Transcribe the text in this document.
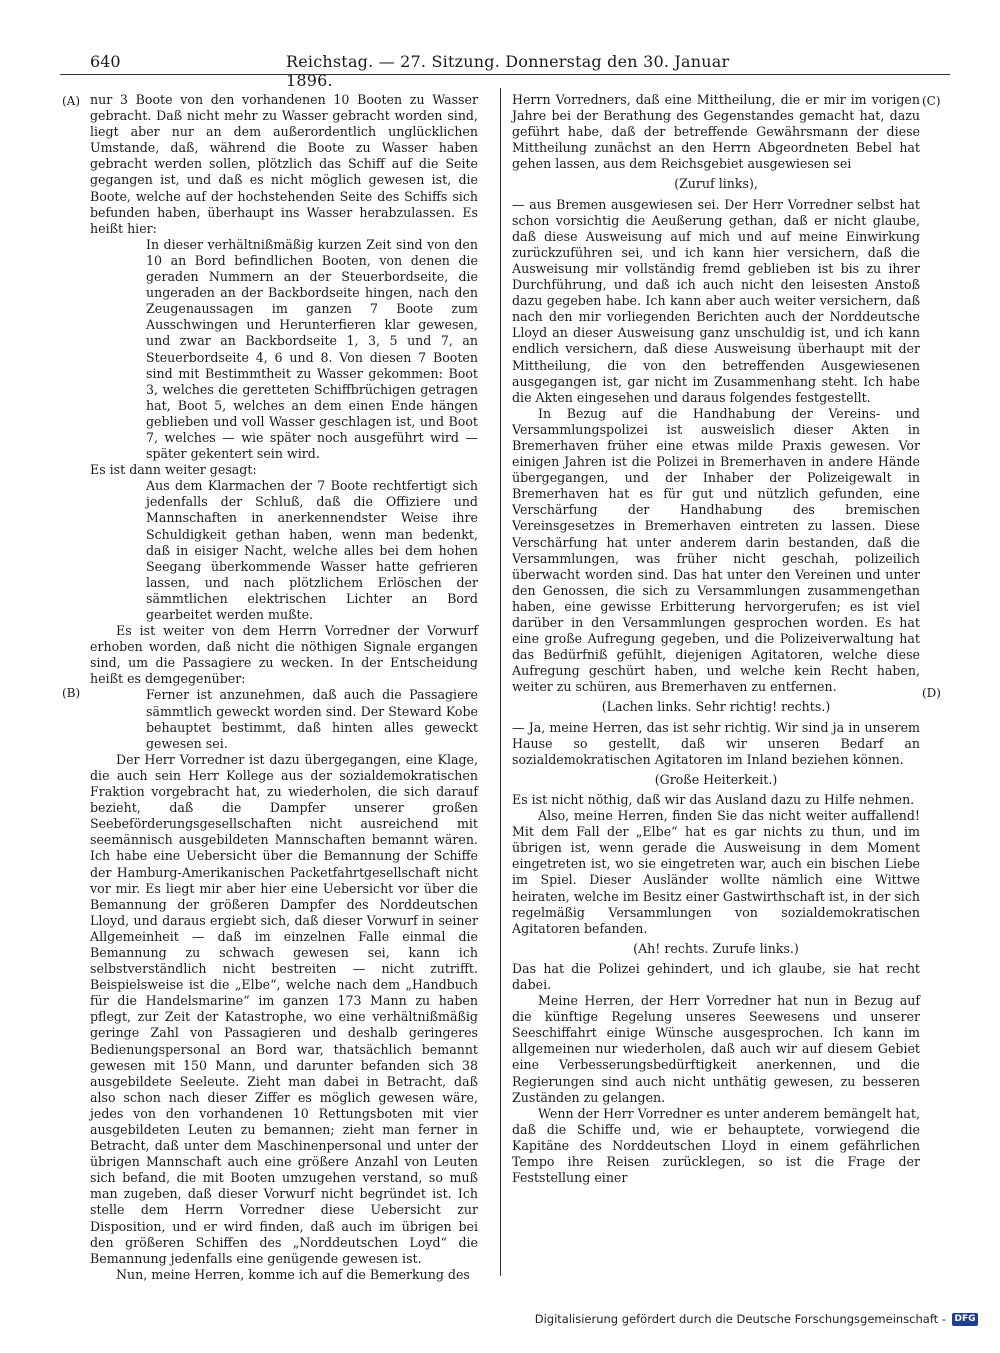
640	Reichstag. — 27. Sitzung. Donnerstag den 30. Januar 1896.
(A)
(B)
(C)
(D)

nur 3 Boote von den vorhandenen 10 Booten zu Wasser gebracht. Daß nicht mehr zu Wasser gebracht worden sind, liegt aber nur an dem außerordentlich unglücklichen Umstande, daß, während die Boote zu Wasser haben gebracht werden sollen, plötzlich das Schiff auf die Seite gegangen ist, und daß es nicht möglich gewesen ist, die Boote, welche auf der hochstehenden Seite des Schiffs sich befunden haben, überhaupt ins Wasser herabzulassen. Es heißt hier:

In dieser verhältnißmäßig kurzen Zeit sind von den 10 an Bord befindlichen Booten, von denen die geraden Nummern an der Steuerbordseite, die ungeraden an der Backbordseite hingen, nach den Zeugenaussagen im ganzen 7 Boote zum Ausschwingen und Herunterfieren klar gewesen, und zwar an Backbordseite 1, 3, 5 und 7, an Steuerbordseite 4, 6 und 8. Von diesen 7 Booten sind mit Bestimmtheit zu Wasser gekommen: Boot 3, welches die geretteten Schiffbrüchigen getragen hat, Boot 5, welches an dem einen Ende hängen geblieben und voll Wasser geschlagen ist, und Boot 7, welches — wie später noch ausgeführt wird — später gekentert sein wird.

Es ist dann weiter gesagt:

Aus dem Klarmachen der 7 Boote rechtfertigt sich jedenfalls der Schluß, daß die Offiziere und Mannschaften in anerkennendster Weise ihre Schuldigkeit gethan haben, wenn man bedenkt, daß in eisiger Nacht, welche alles bei dem hohen Seegang überkommende Wasser hatte gefrieren lassen, und nach plötzlichem Erlöschen der sämmtlichen elektrischen Lichter an Bord gearbeitet werden mußte.

Es ist weiter von dem Herrn Vorredner der Vorwurf erhoben worden, daß nicht die nöthigen Signale ergangen sind, um die Passagiere zu wecken. In der Entscheidung heißt es demgegenüber:

Ferner ist anzunehmen, daß auch die Passagiere sämmtlich geweckt worden sind. Der Steward Kobe behauptet bestimmt, daß hinten alles geweckt gewesen sei.

Der Herr Vorredner ist dazu übergegangen, eine Klage, die auch sein Herr Kollege aus der sozialdemokratischen Fraktion vorgebracht hat, zu wiederholen, die sich darauf bezieht, daß die Dampfer unserer großen Seebeförderungsgesellschaften nicht ausreichend mit seemännisch ausgebildeten Mannschaften bemannt wären. Ich habe eine Uebersicht über die Bemannung der Schiffe der Hamburg-Amerikanischen Packetfahrtgesellschaft nicht vor mir. Es liegt mir aber hier eine Uebersicht vor über die Bemannung der größeren Dampfer des Norddeutschen Lloyd, und daraus ergiebt sich, daß dieser Vorwurf in seiner Allgemeinheit — daß im einzelnen Falle einmal die Bemannung zu schwach gewesen sei, kann ich selbstverständlich nicht bestreiten — nicht zutrifft. Beispielsweise ist die „Elbe“, welche nach dem „Handbuch für die Handelsmarine“ im ganzen 173 Mann zu haben pflegt, zur Zeit der Katastrophe, wo eine verhältnißmäßig geringe Zahl von Passagieren und deshalb geringeres Bedienungspersonal an Bord war, thatsächlich bemannt gewesen mit 150 Mann, und darunter befanden sich 38 ausgebildete Seeleute. Zieht man dabei in Betracht, daß also schon nach dieser Ziffer es möglich gewesen wäre, jedes von den vorhandenen 10 Rettungsboten mit vier ausgebildeten Leuten zu bemannen; zieht man ferner in Betracht, daß unter dem Maschinenpersonal und unter der übrigen Mannschaft auch eine größere Anzahl von Leuten sich befand, die mit Booten umzugehen verstand, so muß man zugeben, daß dieser Vorwurf nicht begründet ist. Ich stelle dem Herrn Vorredner diese Uebersicht zur Disposition, und er wird finden, daß auch im übrigen bei den größeren Schiffen des „Norddeutschen Loyd“ die Bemannung jedenfalls eine genügende gewesen ist.

Nun, meine Herren, komme ich auf die Bemerkung des

Herrn Vorredners, daß eine Mittheilung, die er mir im vorigen Jahre bei der Berathung des Gegenstandes gemacht hat, dazu geführt habe, daß der betreffende Gewährsmann der diese Mittheilung zunächst an den Herrn Abgeordneten Bebel hat gehen lassen, aus dem Reichsgebiet ausgewiesen sei

(Zuruf links),

— aus Bremen ausgewiesen sei. Der Herr Vorredner selbst hat schon vorsichtig die Aeußerung gethan, daß er nicht glaube, daß diese Ausweisung auf mich und auf meine Einwirkung zurückzuführen sei, und ich kann hier versichern, daß die Ausweisung mir vollständig fremd geblieben ist bis zu ihrer Durchführung, und daß ich auch nicht den leisesten Anstoß dazu gegeben habe. Ich kann aber auch weiter versichern, daß nach den mir vorliegenden Berichten auch der Norddeutsche Lloyd an dieser Ausweisung ganz unschuldig ist, und ich kann endlich versichern, daß diese Ausweisung überhaupt mit der Mittheilung, die von den betreffenden Ausgewiesenen ausgegangen ist, gar nicht im Zusammenhang steht. Ich habe die Akten eingesehen und daraus folgendes festgestellt.

In Bezug auf die Handhabung der Vereins- und Versammlungspolizei ist ausweislich dieser Akten in Bremerhaven früher eine etwas milde Praxis gewesen. Vor einigen Jahren ist die Polizei in Bremerhaven in andere Hände übergegangen, und der Inhaber der Polizeigewalt in Bremerhaven hat es für gut und nützlich gefunden, eine Verschärfung der Handhabung des bremischen Vereinsgesetzes in Bremerhaven eintreten zu lassen. Diese Verschärfung hat unter anderem darin bestanden, daß die Versammlungen, was früher nicht geschah, polizeilich überwacht worden sind. Das hat unter den Vereinen und unter den Genossen, die sich zu Versammlungen zusammengethan haben, eine gewisse Erbitterung hervorgerufen; es ist viel darüber in den Versammlungen gesprochen worden. Es hat eine große Aufregung gegeben, und die Polizeiverwaltung hat das Bedürfniß gefühlt, diejenigen Agitatoren, welche diese Aufregung geschürt haben, und welche kein Recht haben, weiter zu schüren, aus Bremerhaven zu entfernen.

(Lachen links. Sehr richtig! rechts.)

— Ja, meine Herren, das ist sehr richtig. Wir sind ja in unserem Hause so gestellt, daß wir unseren Bedarf an sozialdemokratischen Agitatoren im Inland beziehen können.

(Große Heiterkeit.)

Es ist nicht nöthig, daß wir das Ausland dazu zu Hilfe nehmen.

Also, meine Herren, finden Sie das nicht weiter auffallend! Mit dem Fall der „Elbe“ hat es gar nichts zu thun, und im übrigen ist, wenn gerade die Ausweisung in dem Moment eingetreten ist, wo sie eingetreten war, auch ein bischen Liebe im Spiel. Dieser Ausländer wollte nämlich eine Wittwe heiraten, welche im Besitz einer Gastwirthschaft ist, in der sich regelmäßig Versammlungen von sozialdemokratischen Agitatoren befanden.

(Ah! rechts. Zurufe links.)

Das hat die Polizei gehindert, und ich glaube, sie hat recht dabei.

Meine Herren, der Herr Vorredner hat nun in Bezug auf die künftige Regelung unseres Seewesens und unserer Seeschiffahrt einige Wünsche ausgesprochen. Ich kann im allgemeinen nur wiederholen, daß auch wir auf diesem Gebiet eine Verbesserungsbedürftigkeit anerkennen, und die Regierungen sind auch nicht unthätig gewesen, zu besseren Zuständen zu gelangen.

Wenn der Herr Vorredner es unter anderem bemängelt hat, daß die Schiffe und, wie er behauptete, vorwiegend die Kapitäne des Norddeutschen Lloyd in einem gefährlichen Tempo ihre Reisen zurücklegen, so ist die Frage der Feststellung einer

Digitalisierung gefördert durch die Deutsche Forschungsgemeinschaft - DFG
